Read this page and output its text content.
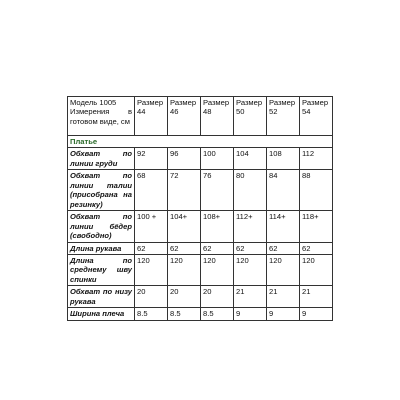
Модель 1005
Измерения в готовом виде, см	Размер 44	Размер 46	Размер 48	Размер 50	Размер 52	Размер 54
Платье						
Обхват по линии груди	92	96	100	104	108	112
Обхват по линии талии (присобрана на резинку)	68	72	76	80	84	88
Обхват по линии бёдер (свободно)	100 +	104+	108+	112+	114+	118+
Длина рукава	62	62	62	62	62	62
Длина по среднему шву спинки	120	120	120	120	120	120
Обхват по низу рукава	20	20	20	21	21	21
Ширина плеча	8.5	8.5	8.5	9	9	9
